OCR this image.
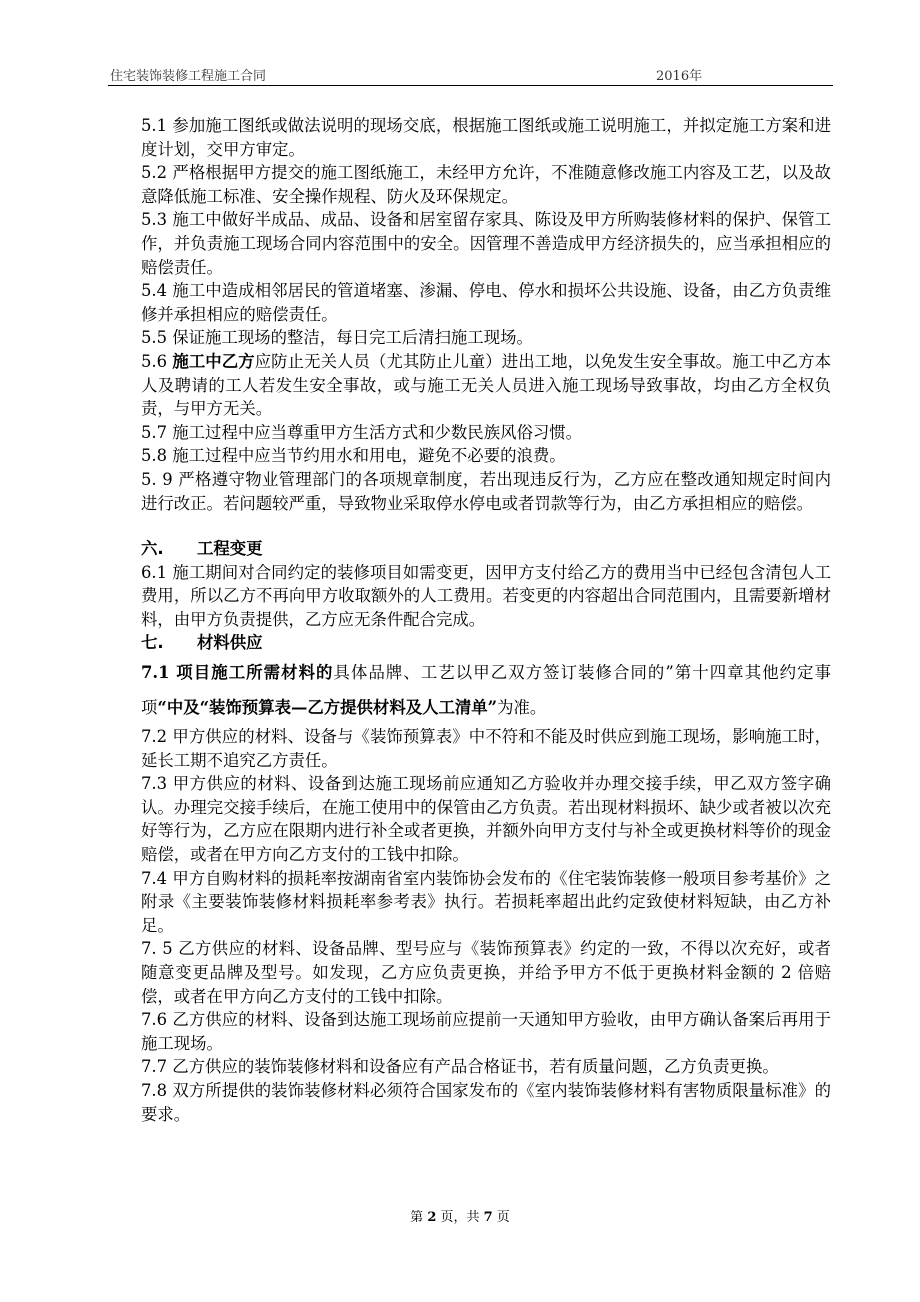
住宅装饰装修工程施工合同	2016年

5.1 参加施工图纸或做法说明的现场交底，根据施工图纸或施工说明施工，并拟定施工方案和进度计划，交甲方审定。

5.2 严格根据甲方提交的施工图纸施工，未经甲方允许，不准随意修改施工内容及工艺，以及故意降低施工标准、安全操作规程、防火及环保规定。

5.3 施工中做好半成品、成品、设备和居室留存家具、陈设及甲方所购装修材料的保护、保管工作，并负责施工现场合同内容范围中的安全。因管理不善造成甲方经济损失的，应当承担相应的赔偿责任。

5.4 施工中造成相邻居民的管道堵塞、渗漏、停电、停水和损坏公共设施、设备，由乙方负责维修并承担相应的赔偿责任。

5.5 保证施工现场的整洁，每日完工后清扫施工现场。

5.6 施工中乙方应防止无关人员（尤其防止儿童）进出工地，以免发生安全事故。施工中乙方本人及聘请的工人若发生安全事故，或与施工无关人员进入施工现场导致事故，均由乙方全权负责，与甲方无关。

5.7 施工过程中应当尊重甲方生活方式和少数民族风俗习惯。

5.8 施工过程中应当节约用水和用电，避免不必要的浪费。

5. 9 严格遵守物业管理部门的各项规章制度，若出现违反行为，乙方应在整改通知规定时间内进行改正。若问题较严重，导致物业采取停水停电或者罚款等行为，由乙方承担相应的赔偿。

六. 工程变更

6.1 施工期间对合同约定的装修项目如需变更，因甲方支付给乙方的费用当中已经包含清包人工费用，所以乙方不再向甲方收取额外的人工费用。若变更的内容超出合同范围内，且需要新增材料，由甲方负责提供，乙方应无条件配合完成。

七. 材料供应

7.1 项目施工所需材料的具体品牌、工艺以甲乙双方签订装修合同的”第十四章其他约定事项“中及“装饰预算表—乙方提供材料及人工清单”为准。

7.2 甲方供应的材料、设备与《装饰预算表》中不符和不能及时供应到施工现场，影响施工时，延长工期不追究乙方责任。

7.3 甲方供应的材料、设备到达施工现场前应通知乙方验收并办理交接手续，甲乙双方签字确认。办理完交接手续后，在施工使用中的保管由乙方负责。若出现材料损坏、缺少或者被以次充好等行为，乙方应在限期内进行补全或者更换，并额外向甲方支付与补全或更换材料等价的现金赔偿，或者在甲方向乙方支付的工钱中扣除。

7.4 甲方自购材料的损耗率按湖南省室内装饰协会发布的《住宅装饰装修一般项目参考基价》之附录《主要装饰装修材料损耗率参考表》执行。若损耗率超出此约定致使材料短缺，由乙方补足。

7. 5 乙方供应的材料、设备品牌、型号应与《装饰预算表》约定的一致，不得以次充好，或者随意变更品牌及型号。如发现，乙方应负责更换，并给予甲方不低于更换材料金额的 2 倍赔偿，或者在甲方向乙方支付的工钱中扣除。

7.6 乙方供应的材料、设备到达施工现场前应提前一天通知甲方验收，由甲方确认备案后再用于施工现场。

7.7 乙方供应的装饰装修材料和设备应有产品合格证书，若有质量问题，乙方负责更换。

7.8 双方所提供的装饰装修材料必须符合国家发布的《室内装饰装修材料有害物质限量标准》的要求。

第 2 页，共 7 页
